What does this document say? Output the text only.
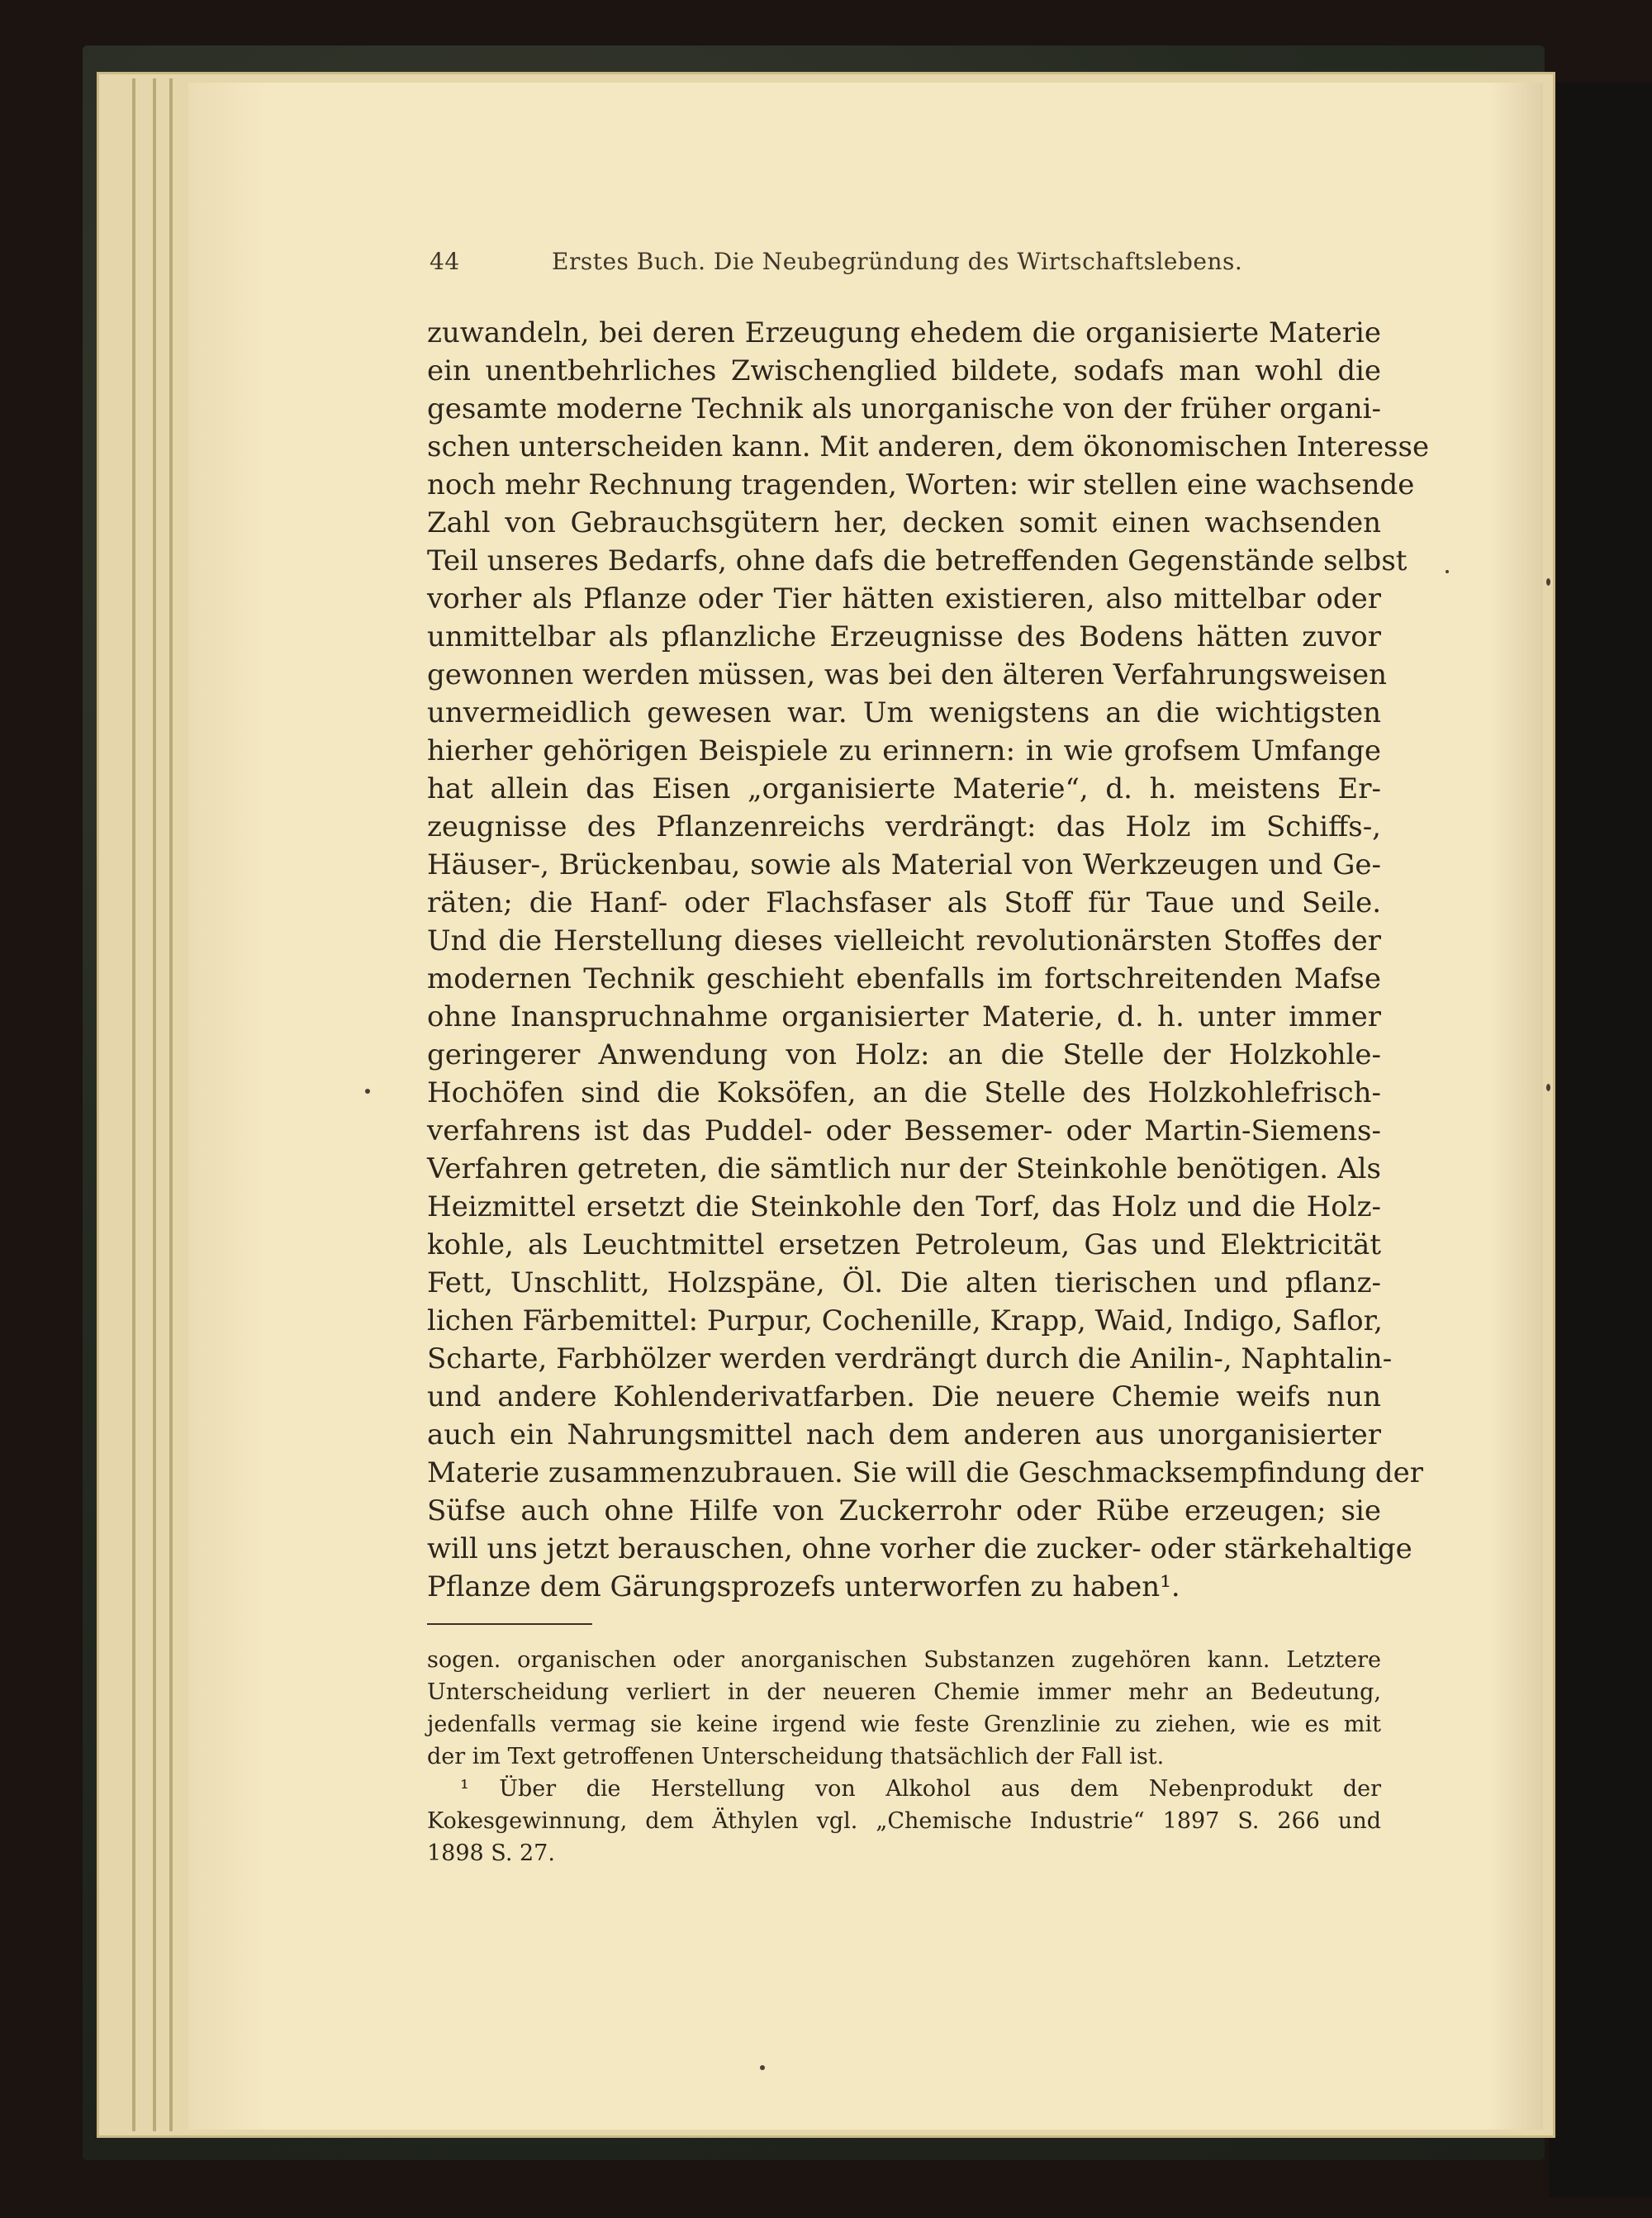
44	Erstes Buch. Die Neubegründung des Wirtschaftslebens.
zuwandeln, bei deren Erzeugung ehedem die organisierte Materie
ein unentbehrliches Zwischenglied bildete, sodafs man wohl die
gesamte moderne Technik als unorganische von der früher organi-
schen unterscheiden kann. Mit anderen, dem ökonomischen Interesse
noch mehr Rechnung tragenden, Worten: wir stellen eine wachsende
Zahl von Gebrauchsgütern her, decken somit einen wachsenden
Teil unseres Bedarfs, ohne dafs die betreffenden Gegenstände selbst
vorher als Pflanze oder Tier hätten existieren, also mittelbar oder
unmittelbar als pflanzliche Erzeugnisse des Bodens hätten zuvor
gewonnen werden müssen, was bei den älteren Verfahrungsweisen
unvermeidlich gewesen war. Um wenigstens an die wichtigsten
hierher gehörigen Beispiele zu erinnern: in wie grofsem Umfange
hat allein das Eisen „organisierte Materie“, d. h. meistens Er-
zeugnisse des Pflanzenreichs verdrängt: das Holz im Schiffs-,
Häuser-, Brückenbau, sowie als Material von Werkzeugen und Ge-
räten; die Hanf- oder Flachsfaser als Stoff für Taue und Seile.
Und die Herstellung dieses vielleicht revolutionärsten Stoffes der
modernen Technik geschieht ebenfalls im fortschreitenden Mafse
ohne Inanspruchnahme organisierter Materie, d. h. unter immer
geringerer Anwendung von Holz: an die Stelle der Holzkohle-
Hochöfen sind die Koksöfen, an die Stelle des Holzkohlefrisch-
verfahrens ist das Puddel- oder Bessemer- oder Martin-Siemens-
Verfahren getreten, die sämtlich nur der Steinkohle benötigen. Als
Heizmittel ersetzt die Steinkohle den Torf, das Holz und die Holz-
kohle, als Leuchtmittel ersetzen Petroleum, Gas und Elektricität
Fett, Unschlitt, Holzspäne, Öl. Die alten tierischen und pflanz-
lichen Färbemittel: Purpur, Cochenille, Krapp, Waid, Indigo, Saflor,
Scharte, Farbhölzer werden verdrängt durch die Anilin-, Naphtalin-
und andere Kohlenderivatfarben. Die neuere Chemie weifs nun
auch ein Nahrungsmittel nach dem anderen aus unorganisierter
Materie zusammenzubrauen. Sie will die Geschmacksempfindung der
Süfse auch ohne Hilfe von Zuckerrohr oder Rübe erzeugen; sie
will uns jetzt berauschen, ohne vorher die zucker- oder stärkehaltige
Pflanze dem Gärungsprozefs unterworfen zu haben¹.
sogen. organischen oder anorganischen Substanzen zugehören kann. Letztere
Unterscheidung verliert in der neueren Chemie immer mehr an Bedeutung,
jedenfalls vermag sie keine irgend wie feste Grenzlinie zu ziehen, wie es mit
der im Text getroffenen Unterscheidung thatsächlich der Fall ist.
¹ Über die Herstellung von Alkohol aus dem Nebenprodukt der
Kokesgewinnung, dem Äthylen vgl. „Chemische Industrie“ 1897 S. 266 und
1898 S. 27.
